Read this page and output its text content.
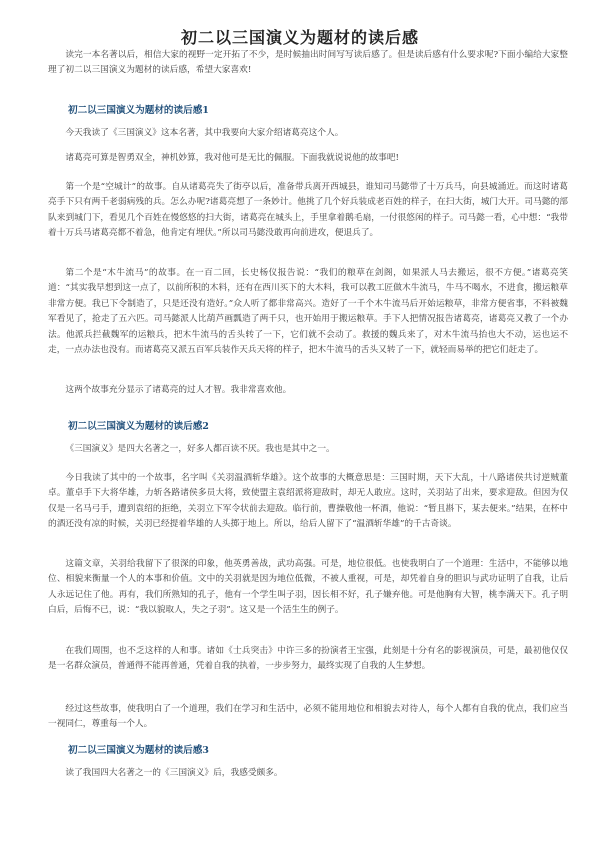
初二以三国演义为题材的读后感

读完一本名著以后，相信大家的视野一定开拓了不少，是时候抽出时间写写读后感了。但是读后感有什么要求呢?下面小编给大家整理了初二以三国演义为题材的读后感，希望大家喜欢!

初二以三国演义为题材的读后感1

今天我读了《三国演义》这本名著，其中我要向大家介绍诸葛亮这个人。

诸葛亮可算是智勇双全，神机妙算，我对他可是无比的佩服。下面我就说说他的故事吧!

第一个是“空城计”的故事。自从诸葛亮失了街亭以后，准备带兵离开西城县，谁知司马懿带了十万兵马，向县城涌近。而这时诸葛亮手下只有两千老弱病残的兵。怎么办呢?诸葛亮想了一条妙计。他挑了几个好兵装成老百姓的样子，在扫大街，城门大开。司马懿的部队来到城门下，看见几个百姓在慢悠悠的扫大街，诸葛亮在城头上，手里拿着鹅毛扇，一付很悠闲的样子。司马懿一看，心中想：“我带着十万兵马诸葛亮都不着急，他肯定有埋伏。”所以司马懿没敢再向前进攻，便退兵了。

第二个是“木牛流马”的故事。在一百二回，长史杨仪报告说：“我们的粮草在剑阁，如果派人马去搬运，很不方便。”诸葛亮笑道：“其实我早想到这一点了，以前所积的木料，还有在西川买下的大木料，我可以教工匠做木牛流马，牛马不喝水，不进食，搬运粮草非常方便。我已下令制造了，只是还没有造好。”众人听了都非常高兴。造好了一千个木牛流马后开始运粮草，非常方便省事，不料被魏军看见了，抢走了五六匹。司马懿派人比葫芦画瓢造了两千只，也开始用于搬运粮草。手下人把情况报告诸葛亮，诸葛亮又教了一个办法。他派兵拦截魏军的运粮兵，把木牛流马的舌头转了一下，它们就不会动了。救援的魏兵来了，对木牛流马抬也大不动，运也运不走，一点办法也没有。而诸葛亮又派五百军兵装作天兵天将的样子，把木牛流马的舌头又转了一下，就轻而易举的把它们赶走了。

这两个故事充分显示了诸葛亮的过人才智。我非常喜欢他。

初二以三国演义为题材的读后感2

《三国演义》是四大名著之一，好多人都百读不厌。我也是其中之一。

今日我读了其中的一个故事，名字叫《关羽温酒斩华雄》。这个故事的大概意思是：三国时期，天下大乱，十八路诸侯共讨逆贼董卓。董卓手下大将华雄，力斩各路诸侯多员大将，致使盟主袁绍派将迎敌时，却无人敢应。这时，关羽站了出来，要求迎敌。但因为仅仅是一名马弓手，遭到袁绍的拒绝，关羽立下军令状前去迎敌。临行前，曹操敬他一杯酒，他说：“暂且斟下，某去便来。”结果，在杯中的酒还没有凉的时候，关羽已经提着华雄的人头掷于地上。所以，给后人留下了“温酒斩华雄”的千古奇谈。

这篇文章，关羽给我留下了很深的印象，他英勇善战，武功高强。可是，地位很低。也使我明白了一个道理：生活中，不能够以地位、相貌来衡量一个人的本事和价值。文中的关羽就是因为地位低微，不被人重视，可是，却凭着自身的胆识与武功证明了自我，让后人永远记住了他。再有，我们所熟知的孔子，他有一个学生叫子羽，因长相不好，孔子嫌弃他。可是他胸有大智，桃李满天下。孔子明白后，后悔不已，说：“我以貌取人，失之子羽”。这又是一个活生生的例子。

在我们周围，也不乏这样的人和事。诸如《士兵突击》中许三多的扮演者王宝强，此刻是十分有名的影视演员，可是，最初他仅仅是一名群众演员，普通得不能再普通，凭着自我的执着，一步步努力，最终实现了自我的人生梦想。

经过这些故事，使我明白了一个道理，我们在学习和生活中，必须不能用地位和相貌去对待人，每个人都有自我的优点，我们应当一视同仁，尊重每一个人。

初二以三国演义为题材的读后感3

读了我国四大名著之一的《三国演义》后，我感受颇多。
